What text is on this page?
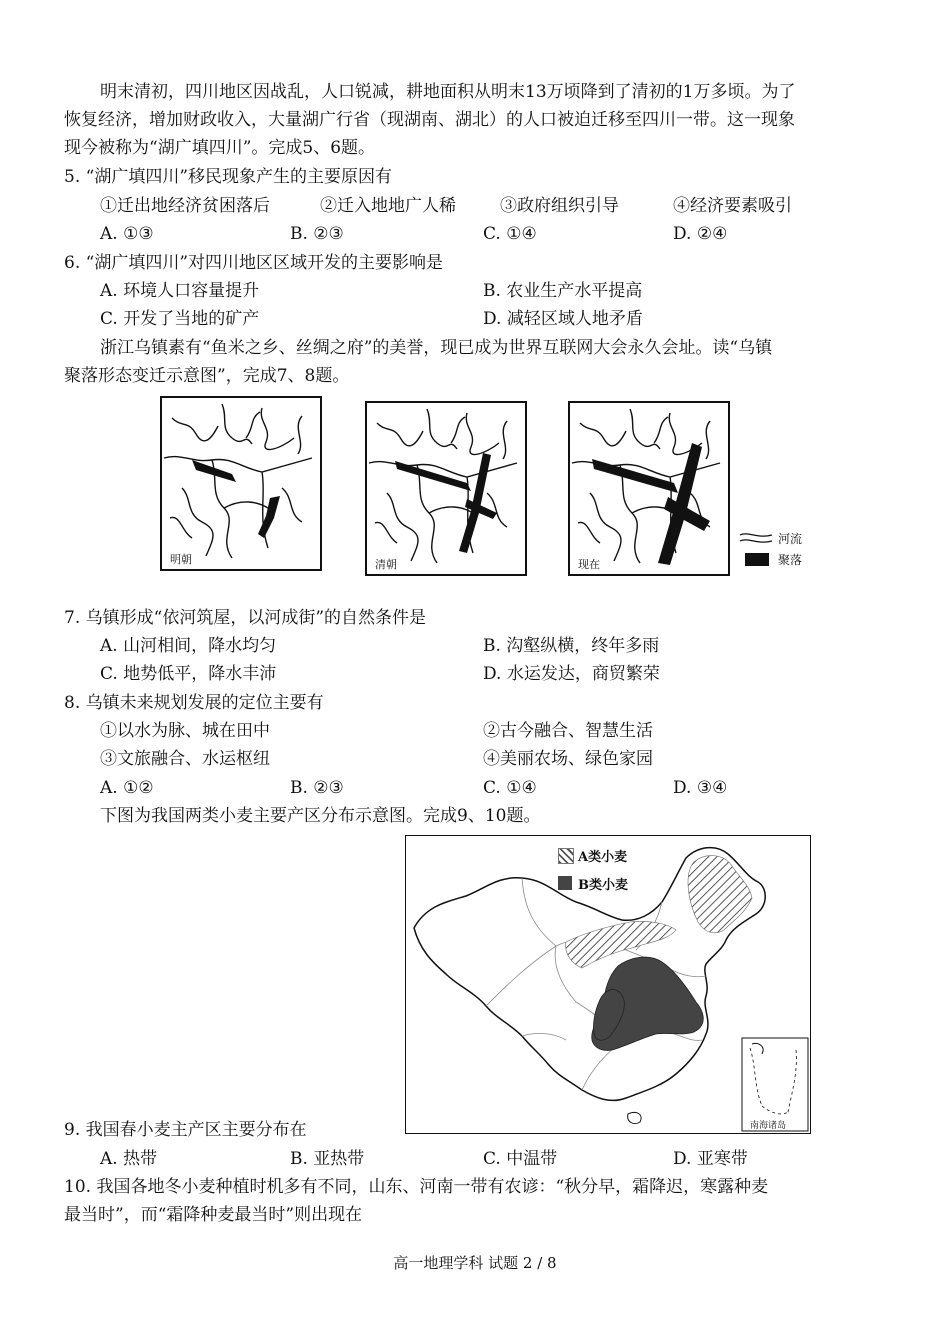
明末清初，四川地区因战乱，人口锐减，耕地面积从明末13万顷降到了清初的1万多顷。为了
恢复经济，增加财政收入，大量湖广行省（现湖南、湖北）的人口被迫迁移至四川一带。这一现象
现今被称为“湖广填四川”。完成5、6题。
5. “湖广填四川”移民现象产生的主要原因有
①迁出地经济贫困落后	②迁入地地广人稀	③政府组织引导	④经济要素吸引
A. ①③	B. ②③	C. ①④	D. ②④
6. “湖广填四川”对四川地区区域开发的主要影响是
A. 环境人口容量提升	B. 农业生产水平提高
C. 开发了当地的矿产	D. 减轻区域人地矛盾
浙江乌镇素有“鱼米之乡、丝绸之府”的美誉，现已成为世界互联网大会永久会址。读“乌镇
聚落形态变迁示意图”，完成7、8题。
明朝	清朝	现在
河流
聚落
7. 乌镇形成“依河筑屋，以河成街”的自然条件是
A. 山河相间，降水均匀	B. 沟壑纵横，终年多雨
C. 地势低平，降水丰沛	D. 水运发达，商贸繁荣
8. 乌镇未来规划发展的定位主要有
①以水为脉、城在田中	②古今融合、智慧生活
③文旅融合、水运枢纽	④美丽农场、绿色家园
A. ①②	B. ②③	C. ①④	D. ③④
下图为我国两类小麦主要产区分布示意图。完成9、10题。
A类小麦
B类小麦
南海诸岛
9. 我国春小麦主产区主要分布在
A. 热带	B. 亚热带	C. 中温带	D. 亚寒带
10. 我国各地冬小麦种植时机多有不同，山东、河南一带有农谚：“秋分早，霜降迟，寒露种麦
最当时”，而“霜降种麦最当时”则出现在
高一地理学科 试题 2 / 8
